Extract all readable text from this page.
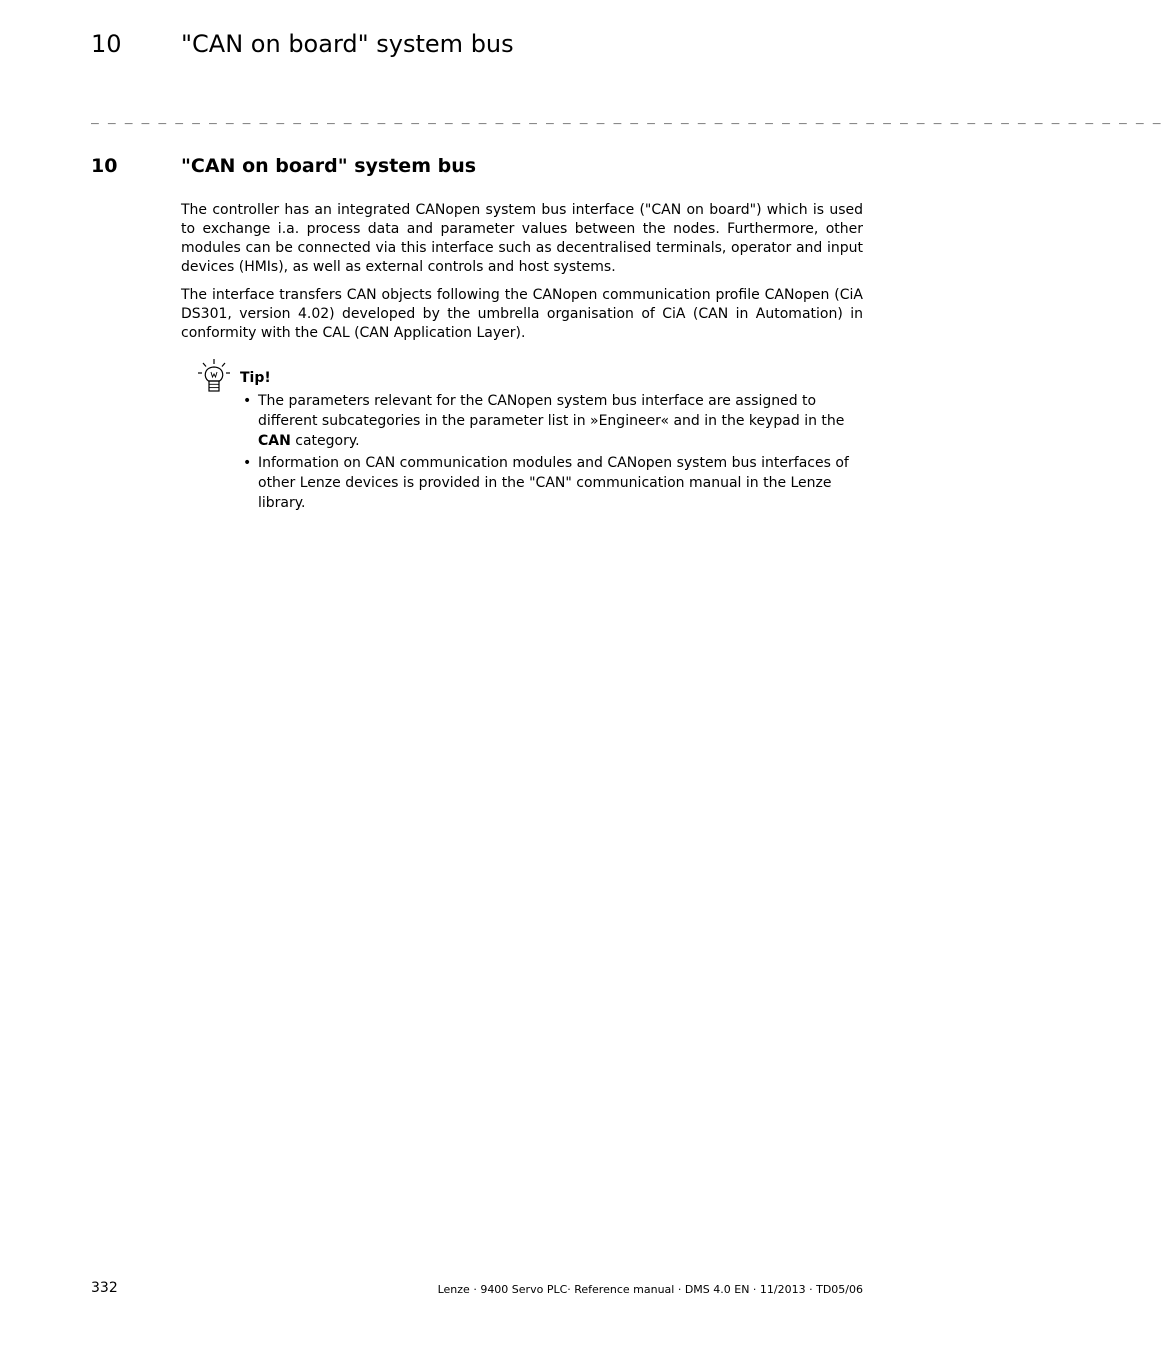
10 "CAN on board" system bus
_ _ _ _ _ _ _ _ _ _ _ _ _ _ _ _ _ _ _ _ _ _ _ _ _ _ _ _ _ _ _ _ _ _ _ _ _ _ _ _ _ _ _ _ _ _ _ _ _ _ _ _ _ _ _ _ _ _ _ _ _ _ _ _
10	"CAN on board" system bus

The controller has an integrated CANopen system bus interface ("CAN on board") which is used to exchange i.a. process data and parameter values between the nodes. Furthermore, other modules can be connected via this interface such as decentralised terminals, operator and input devices (HMIs), as well as external controls and host systems.

The interface transfers CAN objects following the CANopen communication profile CANopen (CiA DS301, version 4.02) developed by the umbrella organisation of CiA (CAN in Automation) in conformity with the CAL (CAN Application Layer).

Tip!
• The parameters relevant for the CANopen system bus interface are assigned to different subcategories in the parameter list in »Engineer« and in the keypad in the CAN category.
• Information on CAN communication modules and CANopen system bus interfaces of other Lenze devices is provided in the "CAN" communication manual in the Lenze library.
332	Lenze · 9400 Servo PLC· Reference manual · DMS 4.0 EN · 11/2013 · TD05/06
